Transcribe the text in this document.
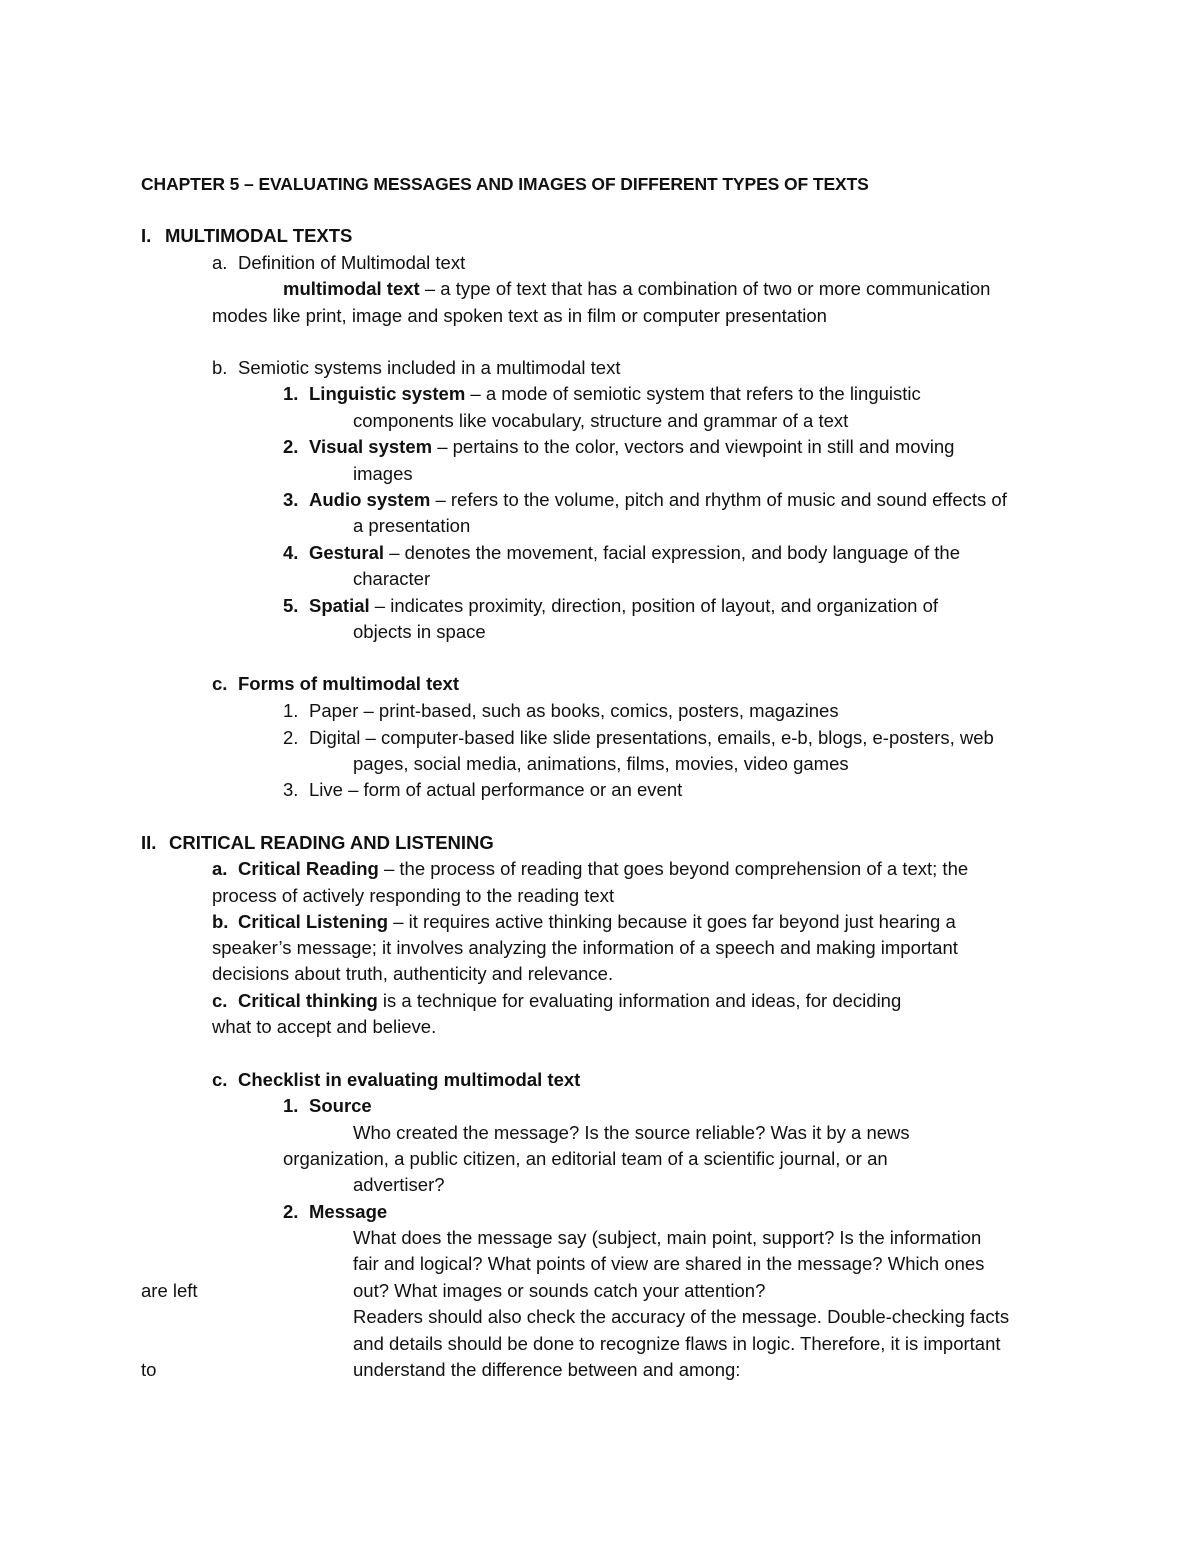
CHAPTER 5 – EVALUATING MESSAGES AND IMAGES OF DIFFERENT TYPES OF TEXTS
I. MULTIMODAL TEXTS
a. Definition of Multimodal text
multimodal text – a type of text that has a combination of two or more communication
modes like print, image and spoken text as in film or computer presentation
b. Semiotic systems included in a multimodal text
1. Linguistic system – a mode of semiotic system that refers to the linguistic
components like vocabulary, structure and grammar of a text
2. Visual system – pertains to the color, vectors and viewpoint in still and moving
images
3. Audio system – refers to the volume, pitch and rhythm of music and sound effects of
a presentation
4. Gestural – denotes the movement, facial expression, and body language of the
character
5. Spatial – indicates proximity, direction, position of layout, and organization of
objects in space
c. Forms of multimodal text
1. Paper – print-based, such as books, comics, posters, magazines
2. Digital – computer-based like slide presentations, emails, e-b, blogs, e-posters, web
pages, social media, animations, films, movies, video games
3. Live – form of actual performance or an event
II. CRITICAL READING AND LISTENING
a. Critical Reading – the process of reading that goes beyond comprehension of a text; the
process of actively responding to the reading text
b. Critical Listening – it requires active thinking because it goes far beyond just hearing a
speaker’s message; it involves analyzing the information of a speech and making important
decisions about truth, authenticity and relevance.
c. Critical thinking is a technique for evaluating information and ideas, for deciding
what to accept and believe.
c. Checklist in evaluating multimodal text
1. Source
Who created the message? Is the source reliable? Was it by a news
organization, a public citizen, an editorial team of a scientific journal, or an
advertiser?
2. Message
What does the message say (subject, main point, support? Is the information
fair and logical? What points of view are shared in the message? Which ones
are left	out? What images or sounds catch your attention?
Readers should also check the accuracy of the message. Double-checking facts
and details should be done to recognize flaws in logic. Therefore, it is important
to	understand the difference between and among:
